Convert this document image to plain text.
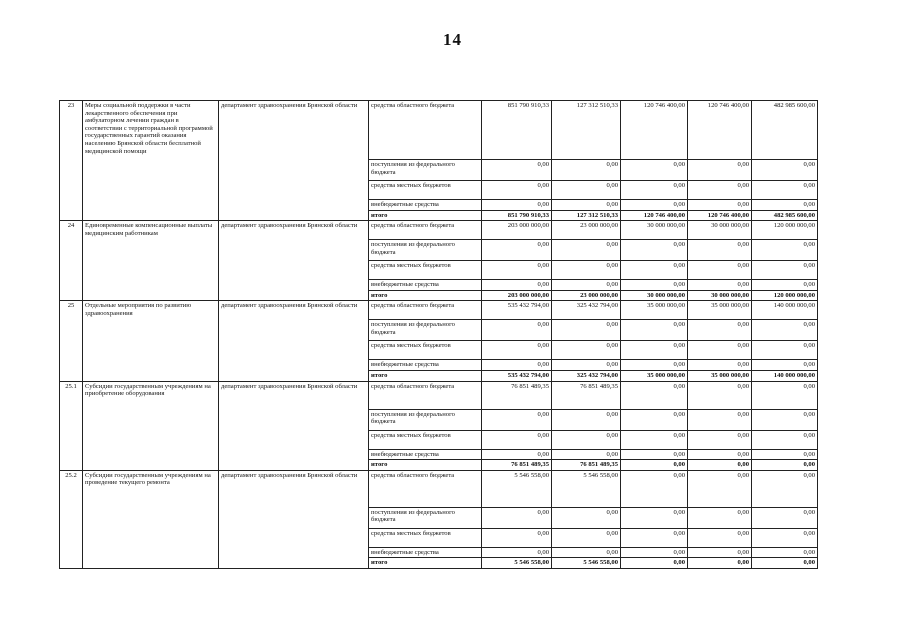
14
23	Меры социальной поддержки в части лекарственного обеспечения при амбулаторном лечении граждан в соответствии с территориальной программой государственных гарантий оказания населению Брянской области бесплатной медицинской помощи	департамент здравоохранения Брянской области	средства областного бюджета	851 790 910,33	127 312 510,33	120 746 400,00	120 746 400,00	482 985 600,00
			поступления из федерального бюджета	0,00	0,00	0,00	0,00	0,00
			средства местных бюджетов	0,00	0,00	0,00	0,00	0,00
			внебюджетные средства	0,00	0,00	0,00	0,00	0,00
			итого	851 790 910,33	127 312 510,33	120 746 400,00	120 746 400,00	482 985 600,00
24	Единовременные компенсационные выплаты медицинским работникам	департамент здравоохранения Брянской области	средства областного бюджета	203 000 000,00	23 000 000,00	30 000 000,00	30 000 000,00	120 000 000,00
			поступления из федерального бюджета	0,00	0,00	0,00	0,00	0,00
			средства местных бюджетов	0,00	0,00	0,00	0,00	0,00
			внебюджетные средства	0,00	0,00	0,00	0,00	0,00
			итого	203 000 000,00	23 000 000,00	30 000 000,00	30 000 000,00	120 000 000,00
25	Отдельные мероприятия по развитию здравоохранения	департамент здравоохранения Брянской области	средства областного бюджета	535 432 794,00	325 432 794,00	35 000 000,00	35 000 000,00	140 000 000,00
			поступления из федерального бюджета	0,00	0,00	0,00	0,00	0,00
			средства местных бюджетов	0,00	0,00	0,00	0,00	0,00
			внебюджетные средства	0,00	0,00	0,00	0,00	0,00
			итого	535 432 794,00	325 432 794,00	35 000 000,00	35 000 000,00	140 000 000,00
25.1	Субсидии государственным учреждениям на приобретение оборудования	департамент здравоохранения Брянской области	средства областного бюджета	76 851 489,35	76 851 489,35	0,00	0,00	0,00
			поступления из федерального бюджета	0,00	0,00	0,00	0,00	0,00
			средства местных бюджетов	0,00	0,00	0,00	0,00	0,00
			внебюджетные средства	0,00	0,00	0,00	0,00	0,00
			итого	76 851 489,35	76 851 489,35	0,00	0,00	0,00
25.2	Субсидии государственным учреждениям на проведение текущего ремонта	департамент здравоохранения Брянской области	средства областного бюджета	5 546 558,00	5 546 558,00	0,00	0,00	0,00
			поступления из федерального бюджета	0,00	0,00	0,00	0,00	0,00
			средства местных бюджетов	0,00	0,00	0,00	0,00	0,00
			внебюджетные средства	0,00	0,00	0,00	0,00	0,00
			итого	5 546 558,00	5 546 558,00	0,00	0,00	0,00
